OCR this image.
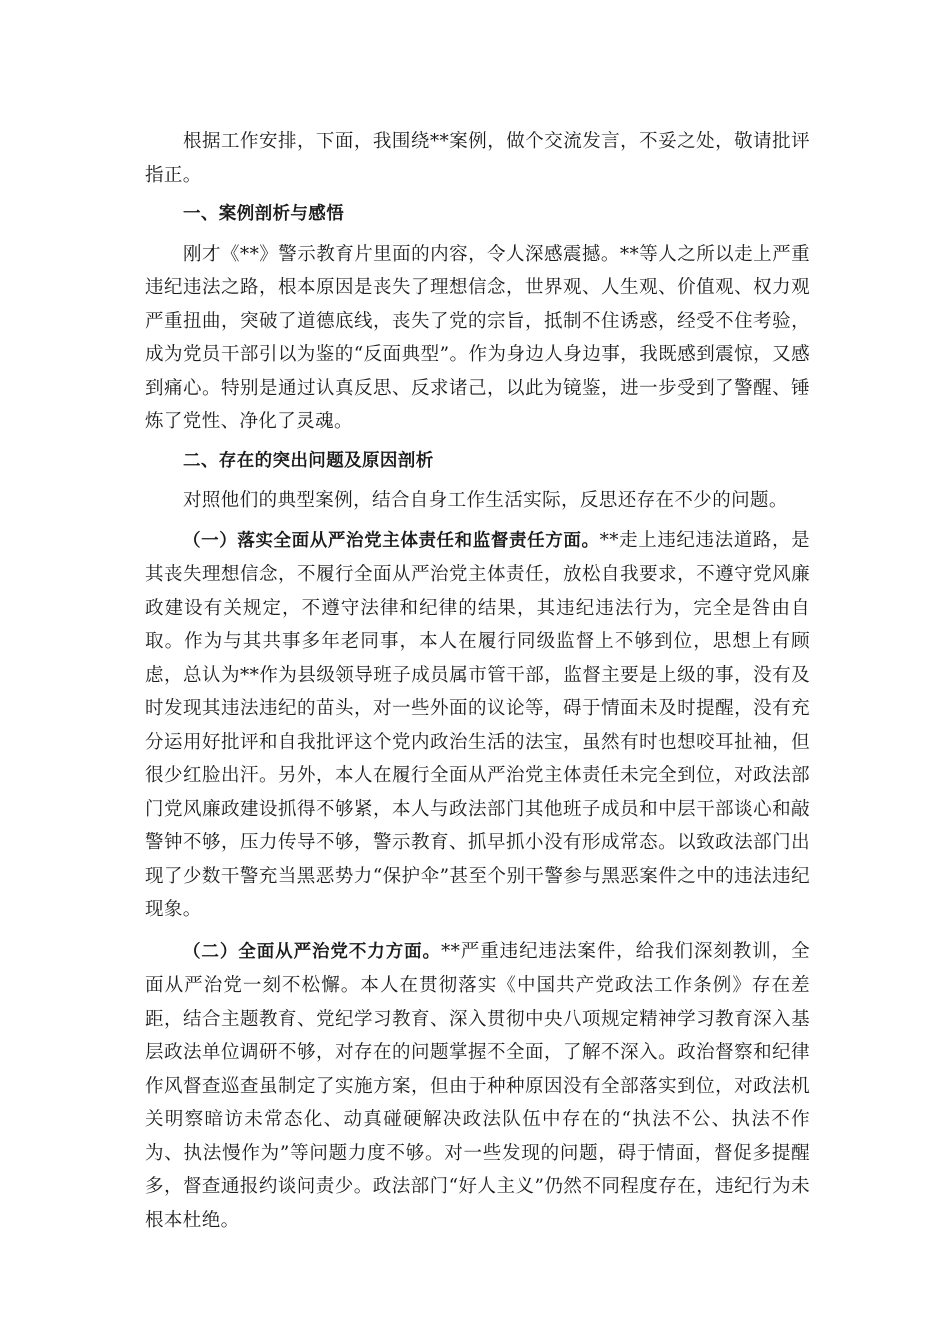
根据工作安排，下面，我围绕**案例，做个交流发言，不妥之处，敬请批评指正。

一、案例剖析与感悟

刚才《**》警示教育片里面的内容，令人深感震撼。**等人之所以走上严重违纪违法之路，根本原因是丧失了理想信念，世界观、人生观、价值观、权力观严重扭曲，突破了道德底线，丧失了党的宗旨，抵制不住诱惑，经受不住考验，成为党员干部引以为鉴的“反面典型”。作为身边人身边事，我既感到震惊，又感到痛心。特别是通过认真反思、反求诸己，以此为镜鉴，进一步受到了警醒、锤炼了党性、净化了灵魂。

二、存在的突出问题及原因剖析

对照他们的典型案例，结合自身工作生活实际，反思还存在不少的问题。

（一）落实全面从严治党主体责任和监督责任方面。**走上违纪违法道路，是其丧失理想信念，不履行全面从严治党主体责任，放松自我要求，不遵守党风廉政建设有关规定，不遵守法律和纪律的结果，其违纪违法行为，完全是咎由自取。作为与其共事多年老同事，本人在履行同级监督上不够到位，思想上有顾虑，总认为**作为县级领导班子成员属市管干部，监督主要是上级的事，没有及时发现其违法违纪的苗头，对一些外面的议论等，碍于情面未及时提醒，没有充分运用好批评和自我批评这个党内政治生活的法宝，虽然有时也想咬耳扯袖，但很少红脸出汗。另外，本人在履行全面从严治党主体责任未完全到位，对政法部门党风廉政建设抓得不够紧，本人与政法部门其他班子成员和中层干部谈心和敲警钟不够，压力传导不够，警示教育、抓早抓小没有形成常态。以致政法部门出现了少数干警充当黑恶势力“保护伞”甚至个别干警参与黑恶案件之中的违法违纪现象。

（二）全面从严治党不力方面。**严重违纪违法案件，给我们深刻教训，全面从严治党一刻不松懈。本人在贯彻落实《中国共产党政法工作条例》存在差距，结合主题教育、党纪学习教育、深入贯彻中央八项规定精神学习教育深入基层政法单位调研不够，对存在的问题掌握不全面，了解不深入。政治督察和纪律作风督查巡查虽制定了实施方案，但由于种种原因没有全部落实到位，对政法机关明察暗访未常态化、动真碰硬解决政法队伍中存在的“执法不公、执法不作为、执法慢作为”等问题力度不够。对一些发现的问题，碍于情面，督促多提醒多，督查通报约谈问责少。政法部门“好人主义”仍然不同程度存在，违纪行为未根本杜绝。
